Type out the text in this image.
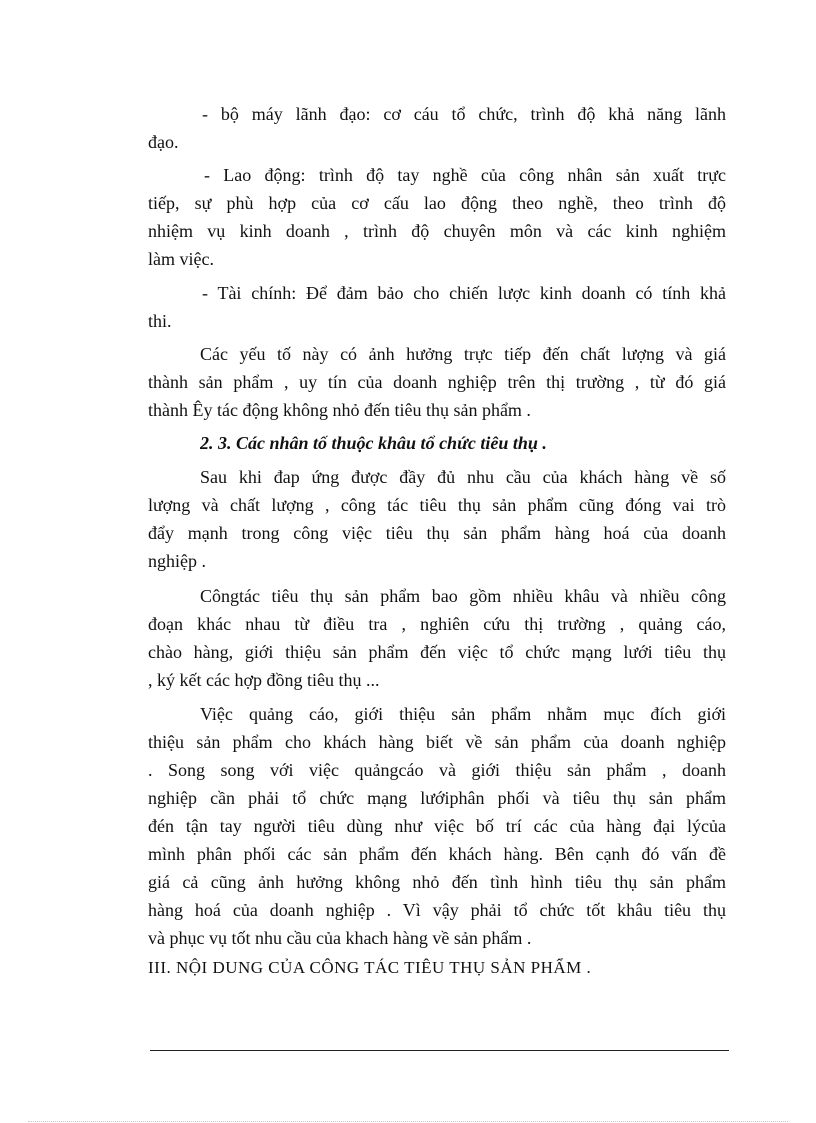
- bộ máy lãnh đạo: cơ cáu tổ chức, trình độ khả năng lãnh
đạo.
- Lao động: trình độ tay nghề của công nhân sản xuất trực
tiếp, sự phù hợp của cơ cấu lao động theo nghề, theo trình độ
nhiệm vụ kinh doanh , trình độ chuyên môn và các kinh nghiệm
làm việc.
- Tài chính: Để đảm bảo cho chiến lược kinh doanh có tính khả
thi.
Các yếu tố này có ảnh hưởng trực tiếp đến chất lượng và giá
thành sản phẩm , uy tín của doanh nghiệp trên thị trường , từ đó giá
thành Êy tác động không nhỏ đến tiêu thụ sản phẩm .
2. 3. Các nhân tố thuộc khâu tổ chức tiêu thụ .
Sau khi đap ứng được đầy đủ nhu cầu của khách hàng về số
lượng và chất lượng , công tác tiêu thụ sản phẩm cũng đóng vai trò
đẩy mạnh trong công việc tiêu thụ sản phẩm hàng hoá của doanh
nghiệp .
Côngtác tiêu thụ sản phẩm bao gồm nhiều khâu và nhiều công
đoạn khác nhau từ điều tra , nghiên cứu thị trường , quảng cáo,
chào hàng, giới thiệu sản phẩm đến việc tổ chức mạng lưới tiêu thụ
, ký kết các hợp đồng tiêu thụ ...
Việc quảng cáo, giới thiệu sản phẩm nhằm mục đích giới
thiệu sản phẩm cho khách hàng biết về sản phẩm của doanh nghiệp
. Song song với việc quảngcáo và giới thiệu sản phẩm , doanh
nghiệp cần phải tổ chức mạng lướiphân phối và tiêu thụ sản phẩm
đén tận tay người tiêu dùng như việc bố trí các của hàng đại lýcủa
mình phân phối các sản phẩm đến khách hàng. Bên cạnh đó vấn đề
giá cả cũng ảnh hưởng không nhỏ đến tình hình tiêu thụ sản phẩm
hàng hoá của doanh nghiệp . Vì vậy phải tổ chức tốt khâu tiêu thụ
và phục vụ tốt nhu cầu của khach hàng về sản phẩm .
III. NỘI DUNG CỦA CÔNG TÁC TIÊU THỤ SẢN PHẨM .
